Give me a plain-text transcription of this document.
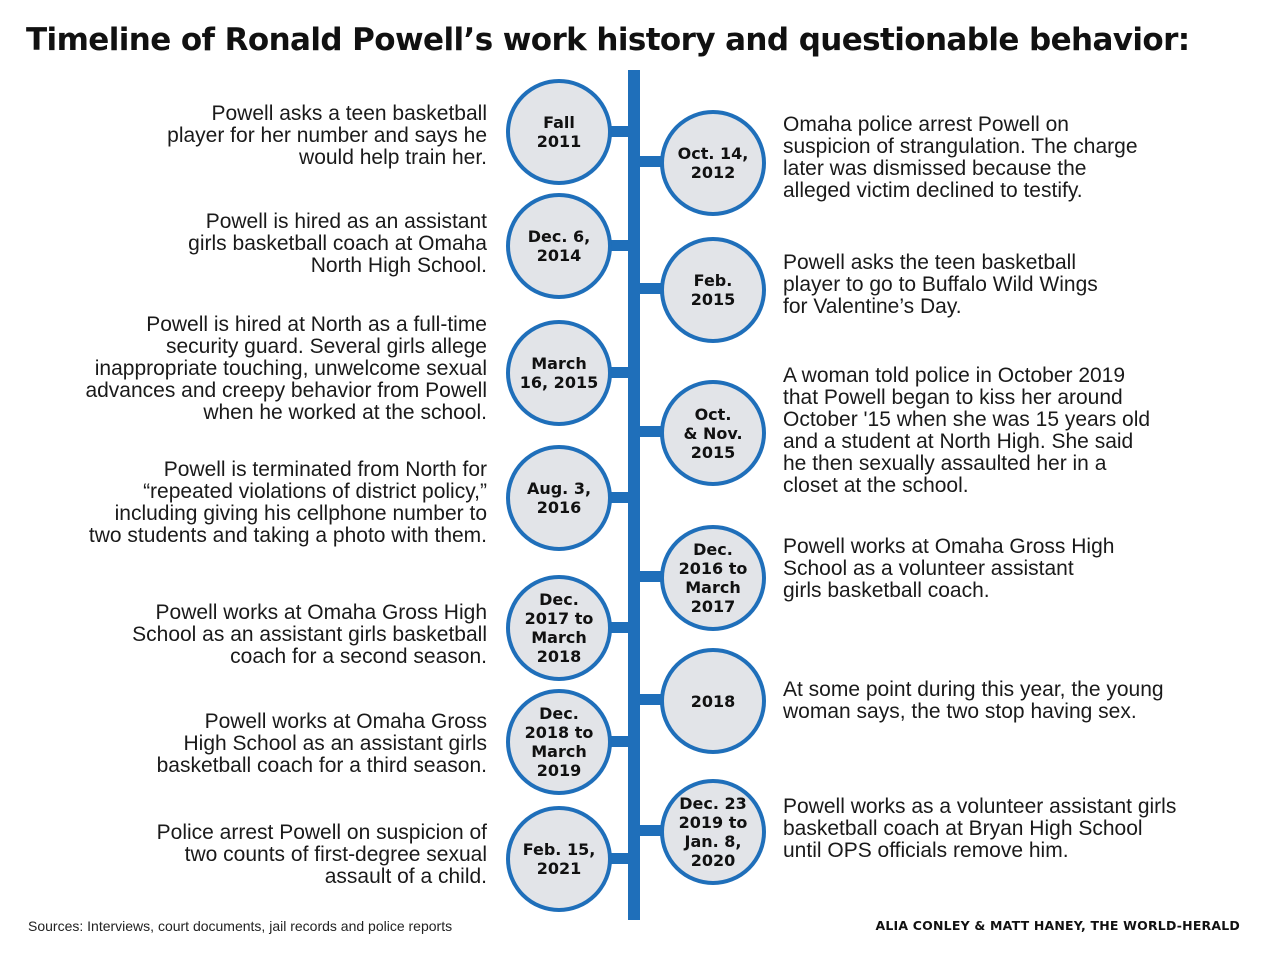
Timeline of Ronald Powell’s work history and questionable behavior:
Fall
2011
Powell asks a teen basketball
player for her number and says he
would help train her.
Dec. 6,
2014
Powell is hired as an assistant
girls basketball coach at Omaha
North High School.
March
16, 2015
Powell is hired at North as a full-time
security guard. Several girls allege
inappropriate touching, unwelcome sexual
advances and creepy behavior from Powell
when he worked at the school.
Aug. 3,
2016
Powell is terminated from North for
“repeated violations of district policy,”
including giving his cellphone number to
two students and taking a photo with them.
Dec.
2017 to
March
2018
Powell works at Omaha Gross High
School as an assistant girls basketball
coach for a second season.
Dec.
2018 to
March
2019
Powell works at Omaha Gross
High School as an assistant girls
basketball coach for a third season.
Feb. 15,
2021
Police arrest Powell on suspicion of
two counts of first-degree sexual
assault of a child.
Oct. 14,
2012
Omaha police arrest Powell on
suspicion of strangulation. The charge
later was dismissed because the
alleged victim declined to testify.
Feb.
2015
Powell asks the teen basketball
player to go to Buffalo Wild Wings
for Valentine’s Day.
Oct.
& Nov.
2015
A woman told police in October 2019
that Powell began to kiss her around
October '15 when she was 15 years old
and a student at North High. She said
he then sexually assaulted her in a
closet at the school.
Dec.
2016 to
March
2017
Powell works at Omaha Gross High
School as a volunteer assistant
girls basketball coach.
2018	At some point during this year, the young
woman says, the two stop having sex.
Dec. 23
2019 to
Jan. 8,
2020
Powell works as a volunteer assistant girls
basketball coach at Bryan High School
until OPS officials remove him.
Sources: Interviews, court documents, jail records and police reports	ALIA CONLEY & MATT HANEY, THE WORLD-HERALD
